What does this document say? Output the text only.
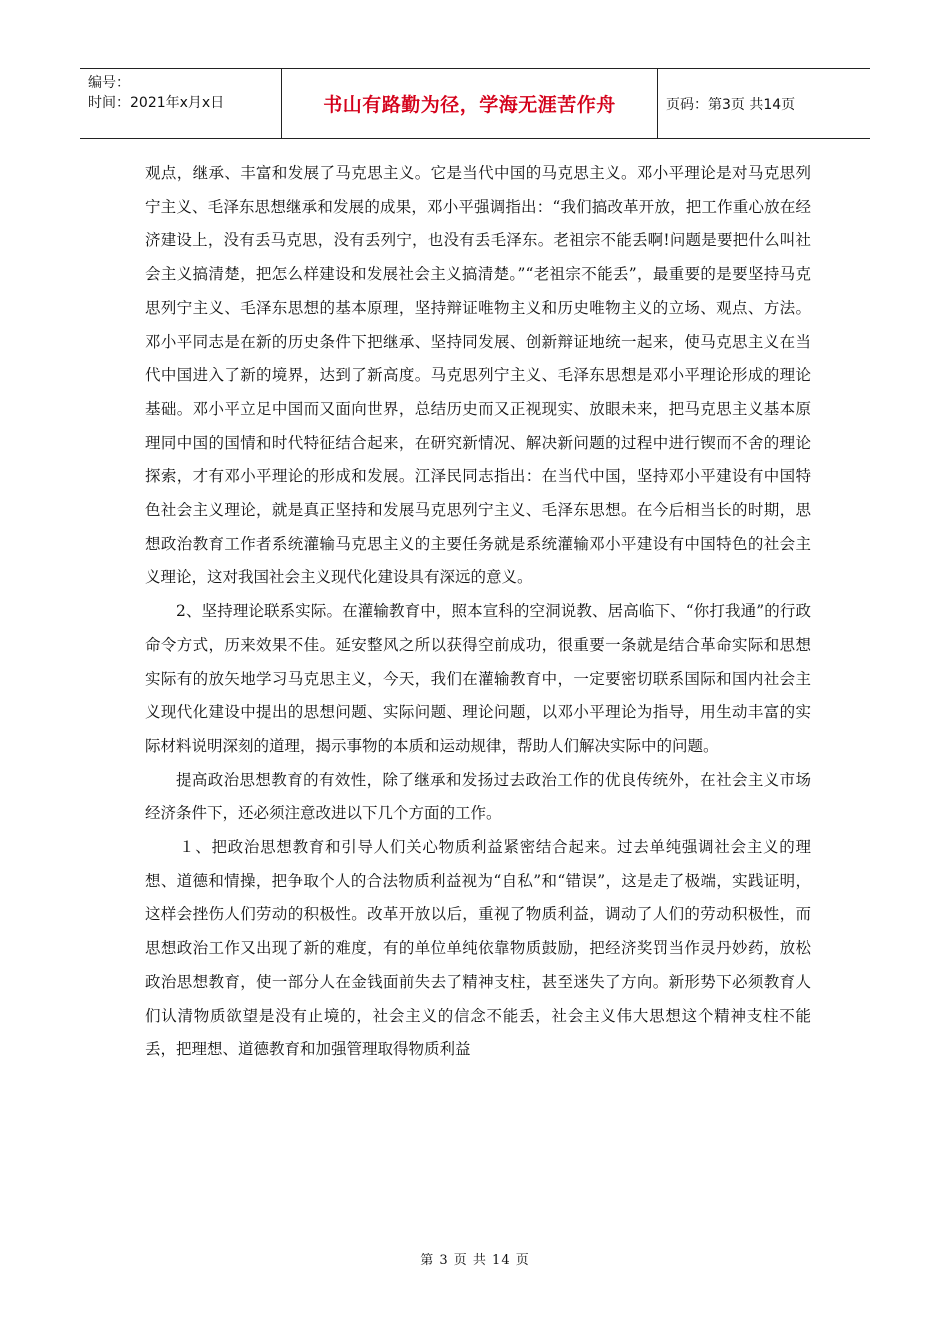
编号：
时间：2021年x月x日	书山有路勤为径，学海无涯苦作舟	页码：第3页 共14页

观点，继承、丰富和发展了马克思主义。它是当代中国的马克思主义。邓小平理论是对马克思列宁主义、毛泽东思想继承和发展的成果，邓小平强调指出：“我们搞改革开放，把工作重心放在经济建设上，没有丢马克思，没有丢列宁，也没有丢毛泽东。老祖宗不能丢啊!问题是要把什么叫社会主义搞清楚，把怎么样建设和发展社会主义搞清楚。”“老祖宗不能丢”，最重要的是要坚持马克思列宁主义、毛泽东思想的基本原理，坚持辩证唯物主义和历史唯物主义的立场、观点、方法。邓小平同志是在新的历史条件下把继承、坚持同发展、创新辩证地统一起来，使马克思主义在当代中国进入了新的境界，达到了新高度。马克思列宁主义、毛泽东思想是邓小平理论形成的理论基础。邓小平立足中国而又面向世界，总结历史而又正视现实、放眼未来，把马克思主义基本原理同中国的国情和时代特征结合起来，在研究新情况、解决新问题的过程中进行锲而不舍的理论探索，才有邓小平理论的形成和发展。江泽民同志指出：在当代中国，坚持邓小平建设有中国特色社会主义理论，就是真正坚持和发展马克思列宁主义、毛泽东思想。在今后相当长的时期，思想政治教育工作者系统灌输马克思主义的主要任务就是系统灌输邓小平建设有中国特色的社会主义理论，这对我国社会主义现代化建设具有深远的意义。

2、坚持理论联系实际。在灌输教育中，照本宣科的空洞说教、居高临下、“你打我通”的行政命令方式，历来效果不佳。延安整风之所以获得空前成功，很重要一条就是结合革命实际和思想实际有的放矢地学习马克思主义，今天，我们在灌输教育中，一定要密切联系国际和国内社会主义现代化建设中提出的思想问题、实际问题、理论问题，以邓小平理论为指导，用生动丰富的实际材料说明深刻的道理，揭示事物的本质和运动规律，帮助人们解决实际中的问题。

提高政治思想教育的有效性，除了继承和发扬过去政治工作的优良传统外，在社会主义市场经济条件下，还必须注意改进以下几个方面的工作。

１、把政治思想教育和引导人们关心物质利益紧密结合起来。过去单纯强调社会主义的理想、道德和情操，把争取个人的合法物质利益视为“自私”和“错误”，这是走了极端，实践证明，这样会挫伤人们劳动的积极性。改革开放以后，重视了物质利益，调动了人们的劳动积极性，而思想政治工作又出现了新的难度，有的单位单纯依靠物质鼓励，把经济奖罚当作灵丹妙药，放松政治思想教育，使一部分人在金钱面前失去了精神支柱，甚至迷失了方向。新形势下必须教育人们认清物质欲望是没有止境的，社会主义的信念不能丢，社会主义伟大思想这个精神支柱不能丢，把理想、道德教育和加强管理取得物质利益

第 3 页 共 14 页
